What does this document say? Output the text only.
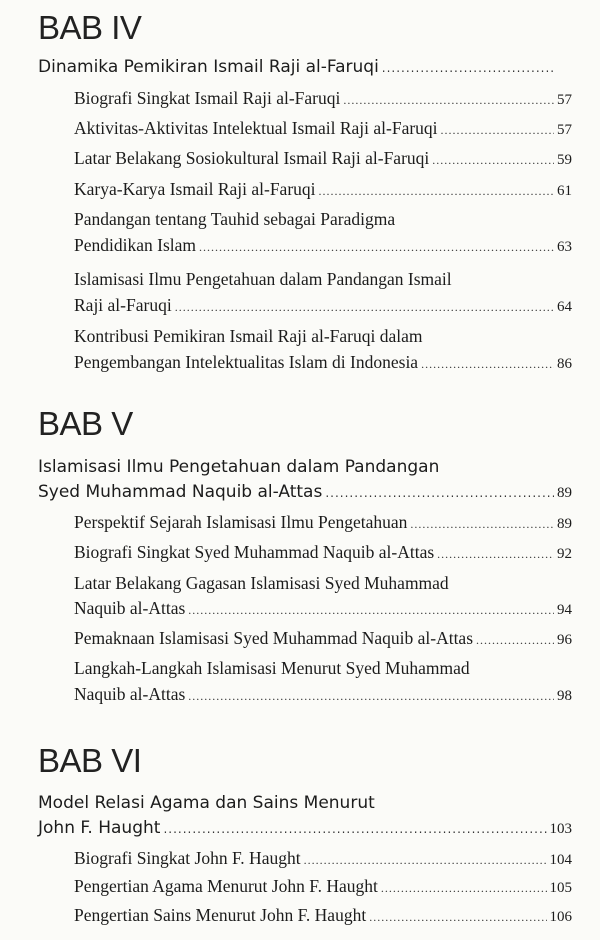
BAB IV
Dinamika Pemikiran Ismail Raji al-Faruqi
.....
Biografi Singkat Ismail Raji al-Faruqi .....	57
Aktivitas-Aktivitas Intelektual Ismail Raji al-Faruqi .....	57
Latar Belakang Sosiokultural Ismail Raji al-Faruqi .....	59
Karya-Karya Ismail Raji al-Faruqi .....	61
Pandangan tentang Tauhid sebagai Paradigma
Pendidikan Islam .....	63
Islamisasi Ilmu Pengetahuan dalam Pandangan Ismail
Raji al-Faruqi .....	64
Kontribusi Pemikiran Ismail Raji al-Faruqi dalam
Pengembangan Intelektualitas Islam di Indonesia .....	86
BAB V
Islamisasi Ilmu Pengetahuan dalam Pandangan
Syed Muhammad Naquib al-Attas .....	89
Perspektif Sejarah Islamisasi Ilmu Pengetahuan .....	89
Biografi Singkat Syed Muhammad Naquib al-Attas .....	92
Latar Belakang Gagasan Islamisasi Syed Muhammad
Naquib al-Attas .....	94
Pemaknaan Islamisasi Syed Muhammad Naquib al-Attas .....	96
Langkah-Langkah Islamisasi Menurut Syed Muhammad
Naquib al-Attas .....	98
BAB VI
Model Relasi Agama dan Sains Menurut
John F. Haught .....	103
Biografi Singkat John F. Haught .....	104
Pengertian Agama Menurut John F. Haught .....	105
Pengertian Sains Menurut John F. Haught .....	106
